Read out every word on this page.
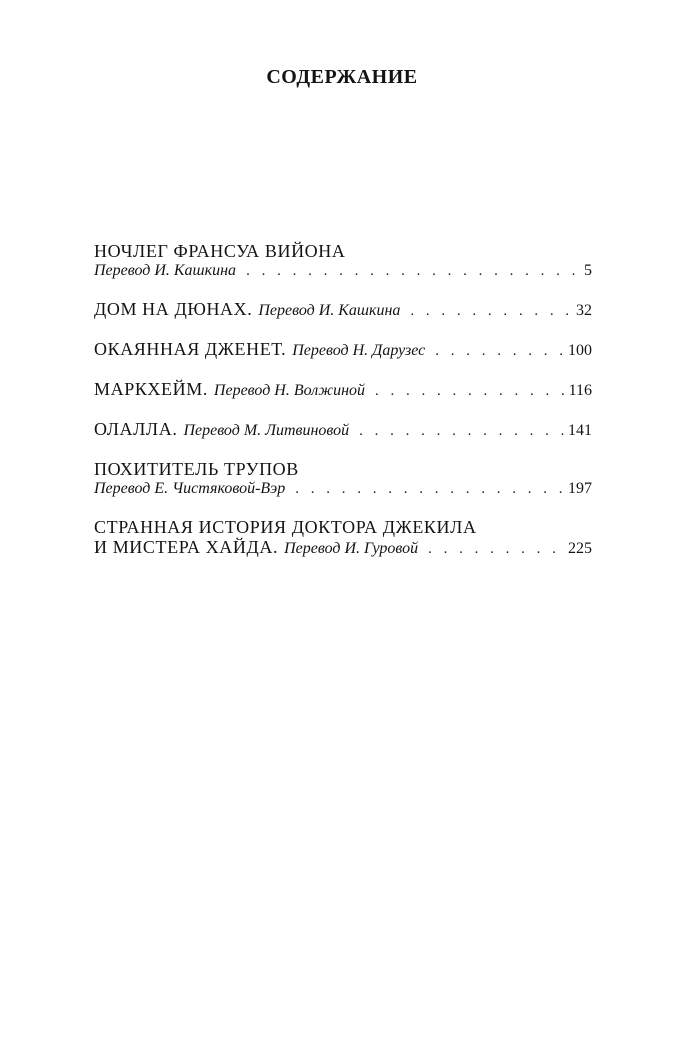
СОДЕРЖАНИЕ
НОЧЛЕГ ФРАНСУА ВИЙОНА
Перевод И. Кашкина . . .	5
ДОМ НА ДЮНАХ. Перевод И. Кашкина . . .	32
ОКАЯННАЯ ДЖЕНЕТ. Перевод Н. Дарузес . . .	100
МАРКХЕЙМ. Перевод Н. Волжиной . . .	116
ОЛАЛЛА. Перевод М. Литвиновой . . .	141
ПОХИТИТЕЛЬ ТРУПОВ
Перевод Е. Чистяковой-Вэр . . .	197
СТРАННАЯ ИСТОРИЯ ДОКТОРА ДЖЕКИЛА
И МИСТЕРА ХАЙДА. Перевод И. Гуровой . . .	225
